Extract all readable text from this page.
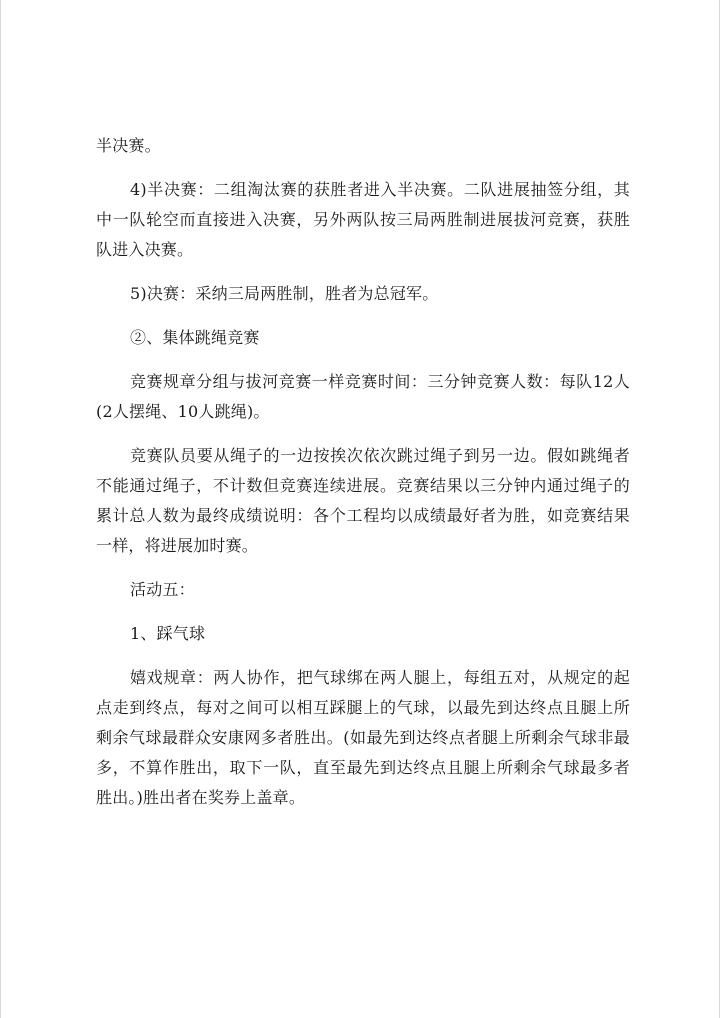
半决赛。

4)半决赛：二组淘汰赛的获胜者进入半决赛。二队进展抽签分组，其中一队轮空而直接进入决赛，另外两队按三局两胜制进展拔河竞赛，获胜队进入决赛。

5)决赛：采纳三局两胜制，胜者为总冠军。

②、集体跳绳竞赛

竞赛规章分组与拔河竞赛一样竞赛时间：三分钟竞赛人数：每队12人(2人摆绳、10人跳绳)。

竞赛队员要从绳子的一边按挨次依次跳过绳子到另一边。假如跳绳者不能通过绳子，不计数但竞赛连续进展。竞赛结果以三分钟内通过绳子的累计总人数为最终成绩说明：各个工程均以成绩最好者为胜，如竞赛结果一样，将进展加时赛。

活动五：

1、踩气球

嬉戏规章：两人协作，把气球绑在两人腿上，每组五对，从规定的起点走到终点，每对之间可以相互踩腿上的气球，以最先到达终点且腿上所剩余气球最群众安康网多者胜出。(如最先到达终点者腿上所剩余气球非最多，不算作胜出，取下一队，直至最先到达终点且腿上所剩余气球最多者胜出。)胜出者在奖券上盖章。
